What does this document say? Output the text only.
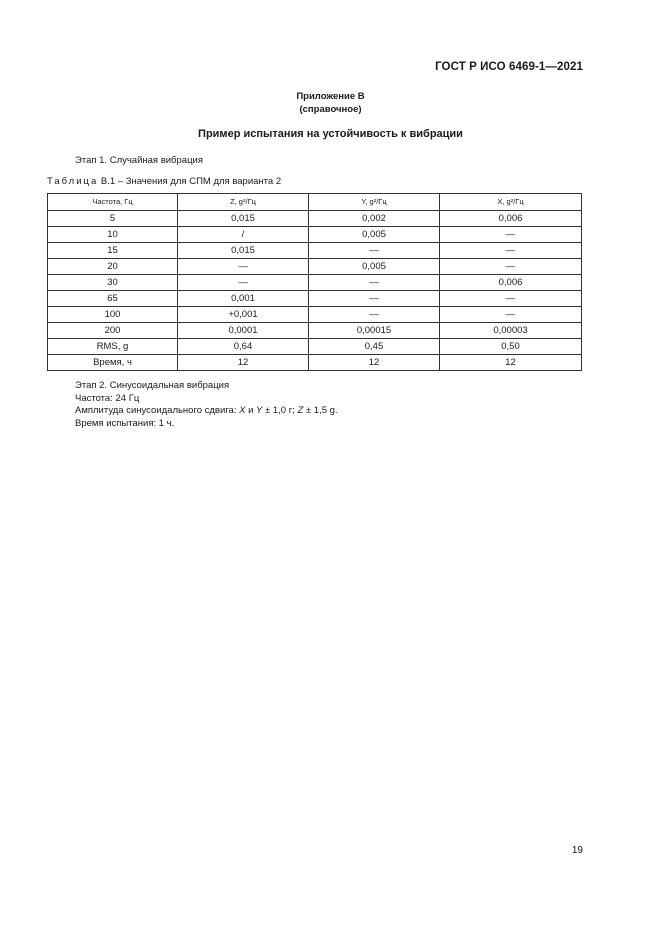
ГОСТ Р ИСО 6469-1—2021
Приложение В
(справочное)
Пример испытания на устойчивость к вибрации
Этап 1. Случайная вибрация
Таблица В.1 – Значения для СПМ для варианта 2
Частота, Гц	Z, g²/Гц	Y, g²/Гц	X, g²/Гц
5	0,015	0,002	0,006
10	/	0,005	—
15	0,015	—	—
20	—	0,005	—
30	—	—	0,006
65	0,001	—	—
100	+0,001	—	—
200	0,0001	0,00015	0,00003
RMS, g	0,64	0,45	0,50
Время, ч	12	12	12
Этап 2. Синусоидальная вибрация
Частота: 24 Гц
Амплитуда синусоидального сдвига: X и Y ± 1,0 г; Z ± 1,5 g.
Время испытания: 1 ч.
19
